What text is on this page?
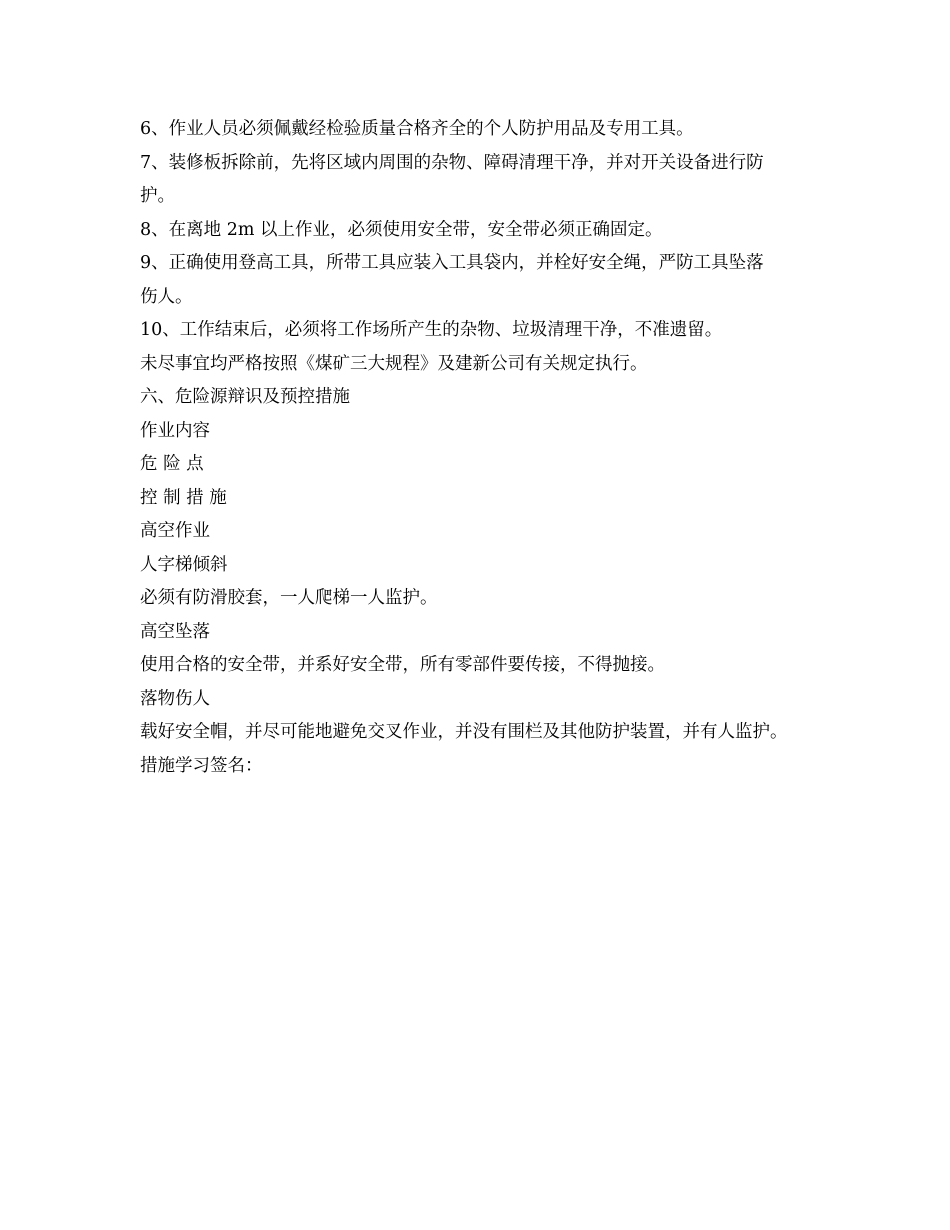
6、作业人员必须佩戴经检验质量合格齐全的个人防护用品及专用工具。

7、装修板拆除前，先将区域内周围的杂物、障碍清理干净，并对开关设备进行防

护。

8、在离地 2m 以上作业，必须使用安全带，安全带必须正确固定。

9、正确使用登高工具，所带工具应装入工具袋内，并栓好安全绳，严防工具坠落

伤人。

10、工作结束后，必须将工作场所产生的杂物、垃圾清理干净，不准遗留。

未尽事宜均严格按照《煤矿三大规程》及建新公司有关规定执行。

六、危险源辩识及预控措施

作业内容

危 险 点

控 制 措 施

高空作业

人字梯倾斜

必须有防滑胶套，一人爬梯一人监护。

高空坠落

使用合格的安全带，并系好安全带，所有零部件要传接，不得抛接。

落物伤人

载好安全帽，并尽可能地避免交叉作业，并没有围栏及其他防护装置，并有人监护。

措施学习签名：
